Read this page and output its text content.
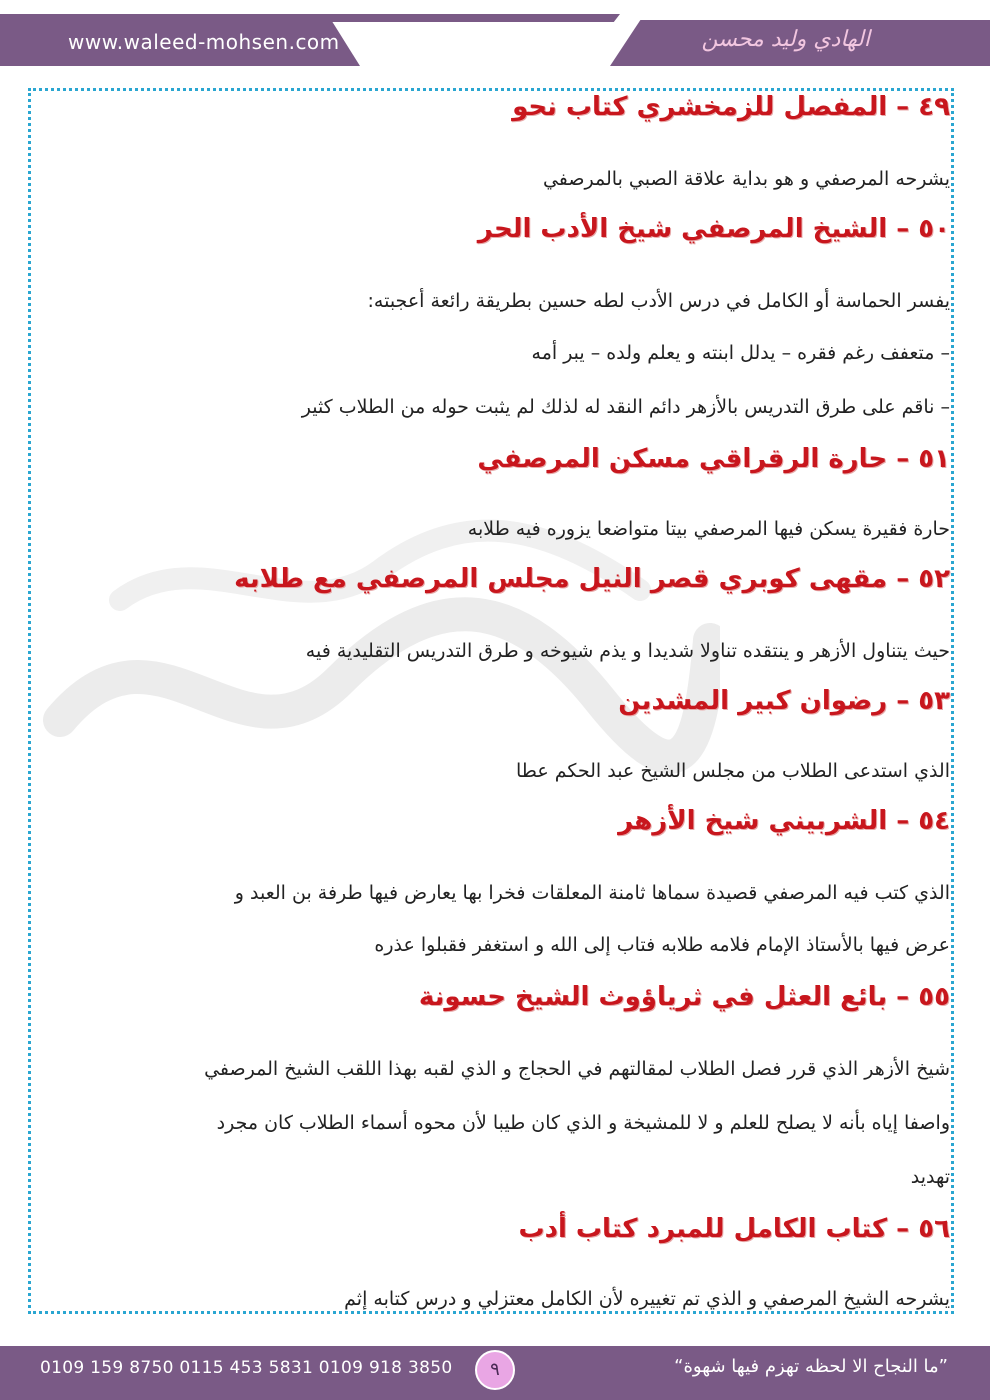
www.waleed-mohsen.com	الهادي وليد محسن
٤٩ – المفصل للزمخشري كتاب نحو
يشرحه المرصفي و هو بداية علاقة الصبي بالمرصفي
٥٠ – الشيخ المرصفي شيخ الأدب الحر
يفسر الحماسة أو الكامل في درس الأدب لطه حسين بطريقة رائعة أعجبته:
– متعفف رغم فقره – يدلل ابنته و يعلم ولده – يبر أمه
– ناقم على طرق التدريس بالأزهر دائم النقد له لذلك لم يثبت حوله من الطلاب كثير
٥١ – حارة الرقراقي مسكن المرصفي
حارة فقيرة يسكن فيها المرصفي بيتا متواضعا يزوره فيه طلابه
٥٢ – مقهى كوبري قصر النيل مجلس المرصفي مع طلابه
حيث يتناول الأزهر و ينتقده تناولا شديدا و يذم شيوخه و طرق التدريس التقليدية فيه
٥٣ – رضوان كبير المشدين
الذي استدعى الطلاب من مجلس الشيخ عبد الحكم عطا
٥٤ – الشربيني شيخ الأزهر
الذي كتب فيه المرصفي قصيدة سماها ثامنة المعلقات فخرا بها يعارض فيها طرفة بن العبد و
عرض فيها بالأستاذ الإمام فلامه طلابه فتاب إلى الله و استغفر فقبلوا عذره
٥٥ – بائع العثل في ثرياؤوث الشيخ حسونة
شيخ الأزهر الذي قرر فصل الطلاب لمقالتهم في الحجاج و الذي لقبه بهذا اللقب الشيخ المرصفي
واصفا إياه بأنه لا يصلح للعلم و لا للمشيخة و الذي كان طيبا لأن محوه أسماء الطلاب كان مجرد
تهديد
٥٦ – كتاب الكامل للمبرد كتاب أدب
يشرحه الشيخ المرصفي و الذي تم تغييره لأن الكامل معتزلي و درس كتابه إثم
0109 159 8750 0115 453 5831 0109 918 3850	”ما النجاح الا لحظه تهزم فيها شهوة“
٩
